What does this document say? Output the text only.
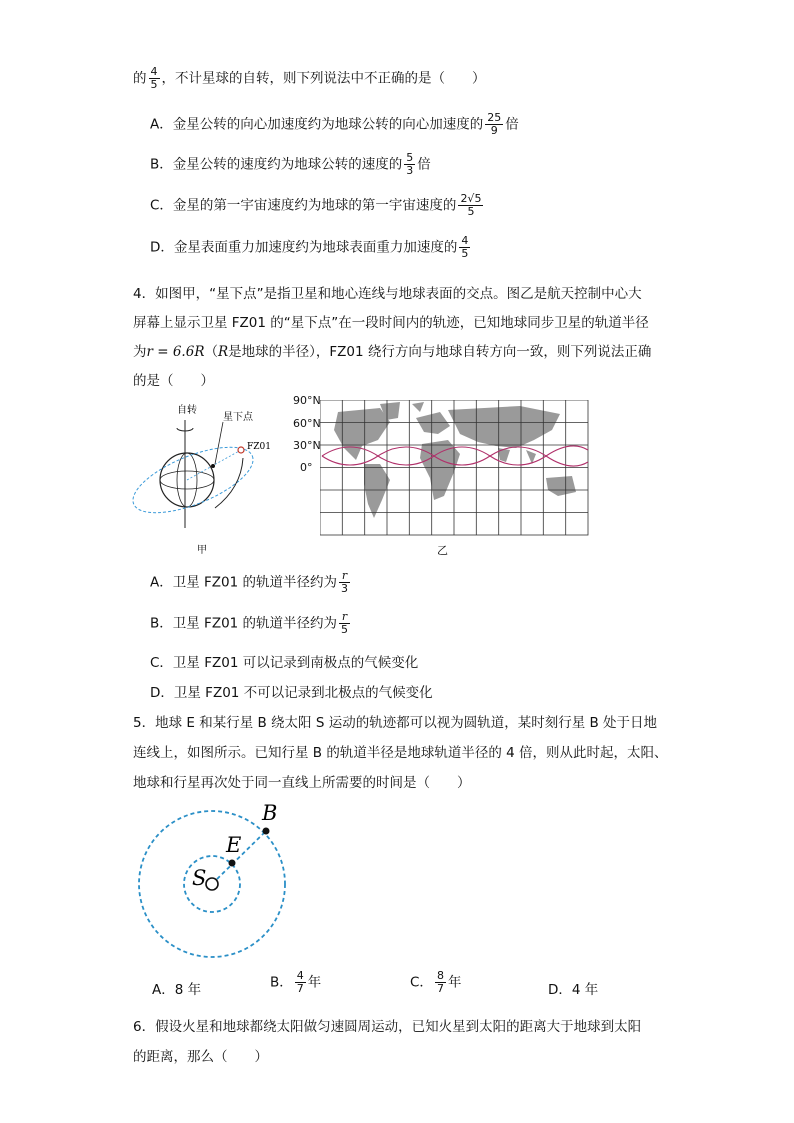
的 $\frac{4}{5}$ ，不计星球的自转，则下列说法中不正确的是（　　）
A．金星公转的向心加速度约为地球公转的向心加速度的 $\frac{25}{9}$ 倍
B．金星公转的速度约为地球公转的速度的 $\frac{5}{3}$ 倍
C．金星的第一宇宙速度约为地球的第一宇宙速度的 $\frac{2√5}{5}$
D．金星表面重力加速度约为地球表面重力加速度的 $\frac{4}{5}$
4．如图甲，“星下点”是指卫星和地心连线与地球表面的交点。图乙是航天控制中心大
屏幕上显示卫星 FZ01 的“星下点”在一段时间内的轨迹，已知地球同步卫星的轨道半径
为r = 6.6R（R是地球的半径），FZ01 绕行方向与地球自转方向一致，则下列说法正确
的是（　　）
自转
星下点
FZ01
甲
90°N
60°N
30°N
0°
乙
A．卫星 FZ01 的轨道半径约为 $\frac{r}{3}$
B．卫星 FZ01 的轨道半径约为 $\frac{r}{5}$
C．卫星 FZ01 可以记录到南极点的气候变化
D．卫星 FZ01 不可以记录到北极点的气候变化
5．地球 E 和某行星 B 绕太阳 S 运动的轨迹都可以视为圆轨道，某时刻行星 B 处于日地
连线上，如图所示。已知行星 B 的轨道半径是地球轨道半径的 4 倍，则从此时起，太阳、
地球和行星再次处于同一直线上所需要的时间是（　　）
B
E
S
A．8 年	B． $\frac{4}{7}$ 年	C． $\frac{8}{7}$ 年	D．4 年
6．假设火星和地球都绕太阳做匀速圆周运动，已知火星到太阳的距离大于地球到太阳
的距离，那么（　　）
